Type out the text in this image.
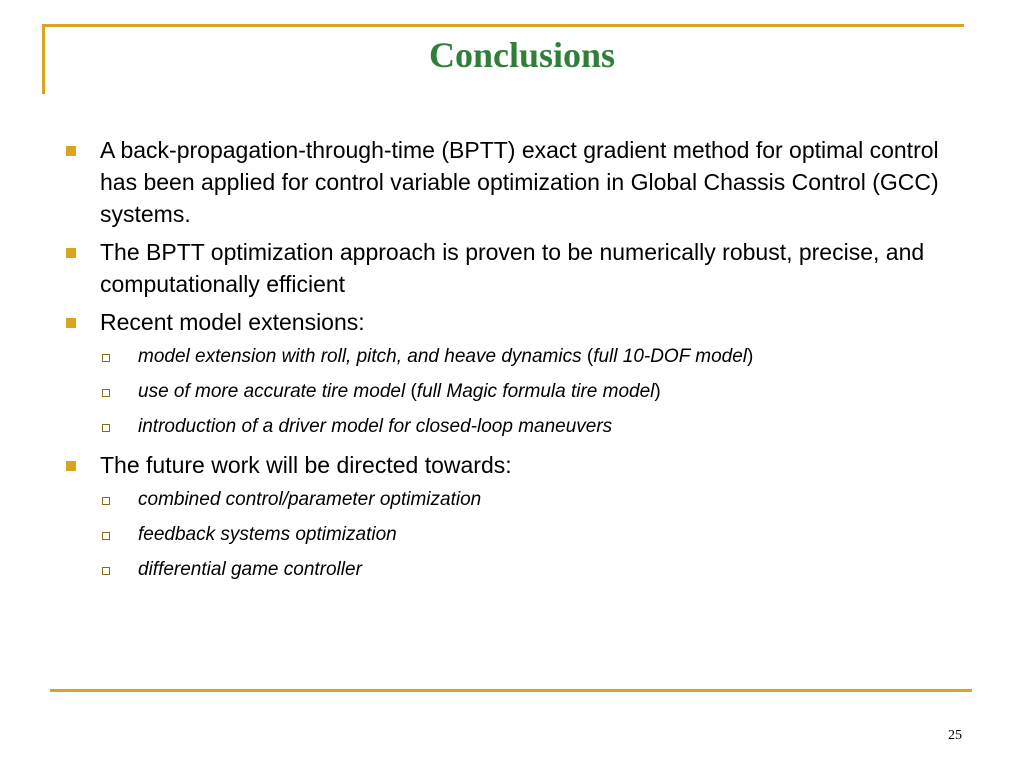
Conclusions
A back-propagation-through-time (BPTT) exact gradient method for optimal control has been applied for control variable optimization in Global Chassis Control (GCC) systems.
The BPTT optimization approach is proven to be numerically robust, precise, and computationally efficient
Recent model extensions:
model extension with roll, pitch, and heave dynamics (full 10-DOF model)
use of more accurate tire model (full Magic formula tire model)
introduction of a driver model for closed-loop maneuvers
The future work will be directed towards:
combined control/parameter optimization
feedback systems optimization
differential game controller
25
